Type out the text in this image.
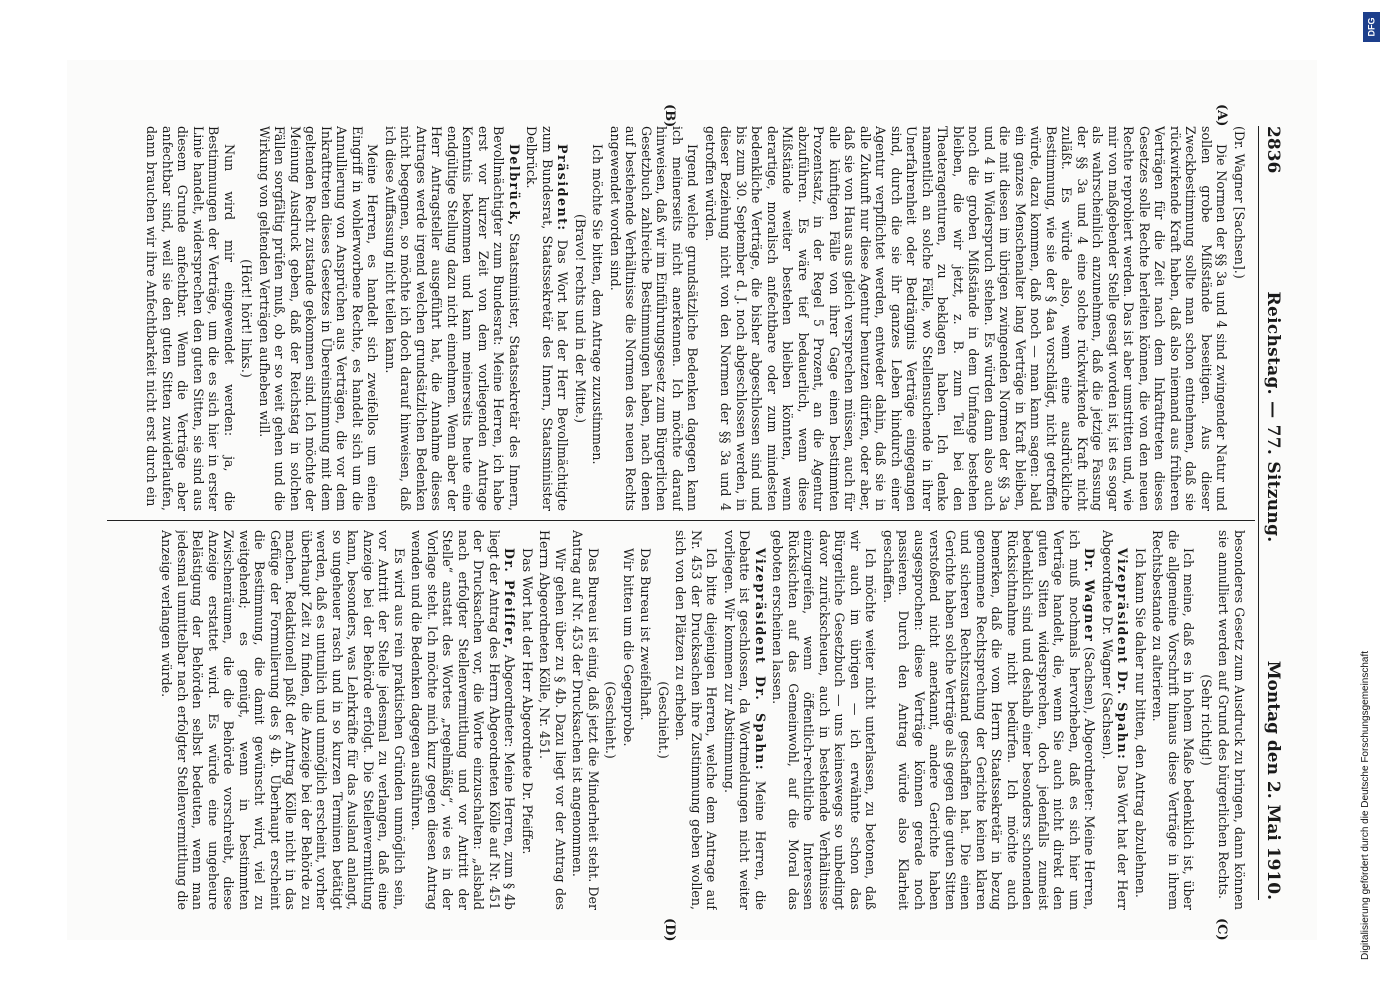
2836
Reichstag. — 77. Sitzung.
Montag den 2. Mai 1910.
(A)
(B)
(C)
(D)

(Dr. Wagner [Sachsen].)

Die Normen der §§ 3a und 4 sind zwingender Natur und sollen grobe Mißstände beseitigen. Aus dieser Zweckbestimmung sollte man schon entnehmen, daß sie rückwirkende Kraft haben, daß also niemand aus früheren Verträgen für die Zeit nach dem Inkrafttreten dieses Gesetzes solle Rechte herleiten können, die von den neuen Rechte reprobiert werden. Das ist aber umstritten und, wie mir von maßgebender Stelle gesagt worden ist, ist es sogar als wahrscheinlich anzunehmen, daß die jetzige Fassung der §§ 3a und 4 eine solche rückwirkende Kraft nicht zuläßt. Es würde also, wenn eine ausdrückliche Bestimmung, wie sie der § 4aa vorschlägt, nicht getroffen würde, dazu kommen, daß noch — man kann sagen: bald ein ganzes Menschenalter lang Verträge in Kraft bleiben, die mit diesen im übrigen zwingenden Normen der §§ 3a und 4 in Widerspruch stehen. Es würden dann also auch noch die groben Mißstände in dem Umfange bestehen bleiben, die wir jetzt, z. B. zum Teil bei den Theateragenturen, zu beklagen haben. Ich denke namentlich an solche Fälle, wo Stellensuchende in ihrer Unerfahrenheit oder Bedrängnis Verträge eingegangen sind, durch die sie ihr ganzes Leben hindurch einer Agentur verpflichtet werden, entweder dahin, daß sie in alle Zukunft nur diese Agentur benutzen dürfen, oder aber, daß sie von Haus aus gleich versprechen müssen, auch für alle künftigen Fälle von ihrer Gage einen bestimmten Prozentsatz, in der Regel 5 Prozent, an die Agentur abzuführen. Es wäre tief bedauerlich, wenn diese Mißstände weiter bestehen bleiben könnten, wenn derartige, moralisch anfechtbare oder zum mindesten bedenkliche Verträge, die bisher abgeschlossen sind und bis zum 30. September d. J. noch abgeschlossen werden, in dieser Beziehung nicht von den Normen der §§ 3a und 4 getroffen würden.

Irgend welche grundsätzliche Bedenken dagegen kann ich meinerseits nicht anerkennen. Ich möchte darauf hinweisen, daß wir im Einführungsgesetz zum Bürgerlichen Gesetzbuch zahlreiche Bestimmungen haben, nach denen auf bestehende Verhältnisse die Normen des neuen Rechts angewendet worden sind.

Ich möchte Sie bitten, dem Antrage zuzustimmen.

(Bravo! rechts und in der Mitte.)

Präsident: Das Wort hat der Herr Bevollmächtigte zum Bundesrat, Staatssekretär des Innern, Staatsminister Delbrück.

Delbrück, Staatsminister, Staatssekretär des Innern, Bevollmächtigter zum Bundesrat: Meine Herren, ich habe erst vor kurzer Zeit von dem vorliegenden Antrage Kenntnis bekommen und kann meinerseits heute eine endgültige Stellung dazu nicht einnehmen. Wenn aber der Herr Antragsteller ausgeführt hat, die Annahme dieses Antrages werde irgend welchen grundsätzlichen Bedenken nicht begegnen, so möchte ich doch darauf hinweisen, daß ich diese Auffassung nicht teilen kann.

Meine Herren, es handelt sich zweifellos um einen Eingriff in wohlerworbene Rechte, es handelt sich um die Annullierung von Ansprüchen aus Verträgen, die vor dem Inkrafttreten dieses Gesetzes in Übereinstimmung mit dem geltenden Recht zustande gekommen sind. Ich möchte der Meinung Ausdruck geben, daß der Reichstag in solchen Fällen sorgfältig prüfen muß, ob er so weit gehen und die Wirkung von geltenden Verträgen aufheben will.

(Hört! hört! links.)

Nun wird mir eingewendet werden: ja, die Bestimmungen der Verträge, um die es sich hier in erster Linie handelt, widersprechen den guten Sitten, sie sind aus diesem Grunde anfechtbar. Wenn die Verträge aber anfechtbar sind, weil sie den guten Sitten zuwiderlaufen, dann brauchen wir ihre Anfechtbarkeit nicht erst durch ein

besonderes Gesetz zum Ausdruck zu bringen, dann können sie annulliert werden auf Grund des bürgerlichen Rechts.

(Sehr richtig!)

Ich meine, daß es in hohem Maße bedenklich ist, über die allgemeine Vorschrift hinaus diese Verträge in ihrem Rechtsbestande zu alterieren.

Ich kann Sie daher nur bitten, den Antrag abzulehnen.

Vizepräsident Dr. Spahn: Das Wort hat der Herr Abgeordnete Dr. Wagner (Sachsen).

Dr. Wagner (Sachsen), Abgeordneter: Meine Herren, ich muß nochmals hervorheben, daß es sich hier um Verträge handelt, die, wenn Sie auch nicht direkt den guten Sitten widersprechen, doch jedenfalls zumeist bedenklich sind und deshalb einer besonders schonenden Rücksichtnahme nicht bedürfen. Ich möchte auch bemerken, daß die vom Herrn Staatssekretär in bezug genommene Rechtsprechung der Gerichte keinen klaren und sicheren Rechtszustand geschaffen hat. Die einen Gerichte haben solche Verträge als gegen die guten Sitten verstoßend nicht anerkannt, andere Gerichte haben ausgesprochen: diese Verträge können gerade noch passieren. Durch den Antrag würde also Klarheit geschaffen.

Ich möchte weiter nicht unterlassen, zu betonen, daß wir auch im übrigen — ich erwähnte schon das Bürgerliche Gesetzbuch — uns keineswegs so unbedingt davor zurückscheuen, auch in bestehende Verhältnisse einzugreifen, wenn öffentlich-rechtliche Interessen Rücksichten auf das Gemeinwohl, auf die Moral das geboten erscheinen lassen.

Vizepräsident Dr. Spahn: Meine Herren, die Debatte ist geschlossen, da Wortmeldungen nicht weiter vorliegen. Wir kommen zur Abstimmung.

Ich bitte diejenigen Herren, welche dem Antrage auf Nr. 453 der Drucksachen ihre Zustimmung geben wollen, sich von den Plätzen zu erheben.

(Geschieht.)

Das Bureau ist zweifelhaft.

Wir bitten um die Gegenprobe.

(Geschieht.)

Das Bureau ist einig, daß jetzt die Minderheit steht. Der Antrag auf Nr. 453 der Drucksachen ist angenommen.

Wir gehen über zu § 4b. Dazu liegt vor der Antrag des Herrn Abgeordneten Kölle, Nr. 451.

Das Wort hat der Herr Abgeordnete Dr. Pfeiffer.

Dr. Pfeiffer, Abgeordneter: Meine Herren, zum § 4b liegt der Antrag des Herrn Abgeordneten Kölle auf Nr. 451 der Drucksachen vor, die Worte einzuschalten: „alsbald nach erfolgter Stellenvermittlung und vor Antritt der Stelle“ anstatt des Wortes „regelmäßig“, wie es in der Vorlage steht. Ich möchte mich kurz gegen diesen Antrag wenden und die Bedenken dagegen ausführen.

Es wird aus rein praktischen Gründen unmöglich sein, vor Antritt der Stelle jedesmal zu verlangen, daß eine Anzeige bei der Behörde erfolgt. Die Stellenvermittlung kann, besonders, was Lehrkräfte für das Ausland anlangt, so ungeheuer rasch und in so kurzen Terminen betätigt werden, daß es untunlich und unmöglich erscheint, vorher überhaupt Zeit zu finden, die Anzeige bei der Behörde zu machen. Redaktionell paßt der Antrag Kölle nicht in das Gefüge der Formulierung des § 4b. Überhaupt erscheint die Bestimmung, die damit gewünscht wird, viel zu weitgehend; es genügt, wenn in bestimmten Zwischenräumen, die die Behörde vorschreibt, diese Anzeige erstattet wird. Es würde eine ungeheure Belästigung der Behörden selbst bedeuten, wenn man jedesmal unmittelbar nach erfolgter Stellenvermittlung die Anzeige verlangen würde.

DFG
Digitalisierung gefördert durch die Deutsche Forschungsgemeinschaft
